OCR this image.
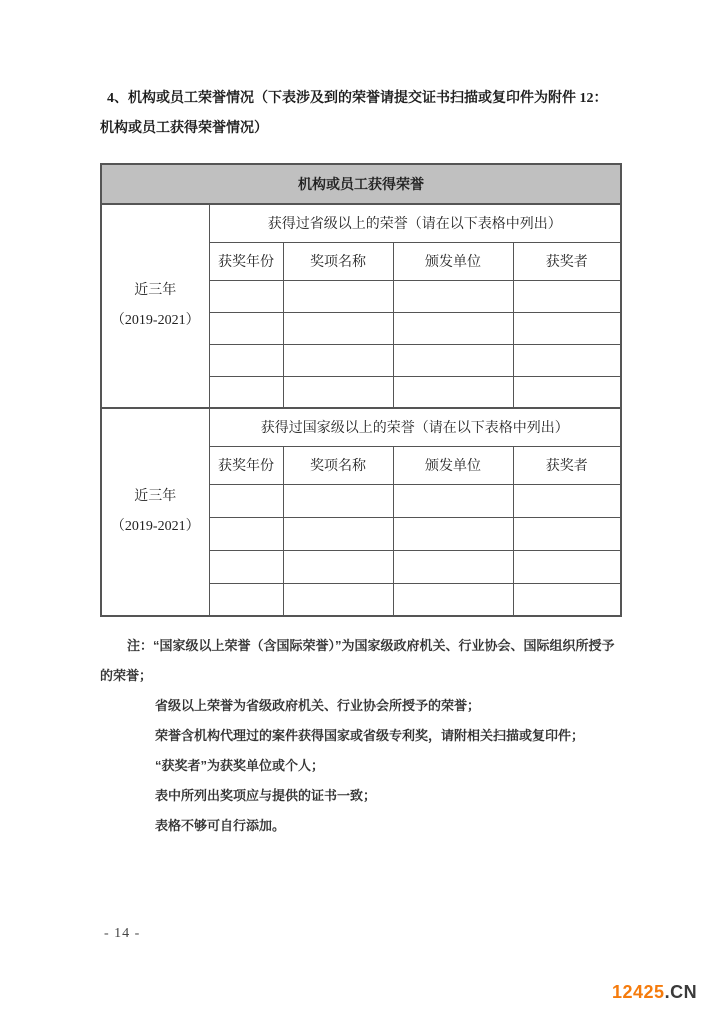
4、机构或员工荣誉情况（下表涉及到的荣誉请提交证书扫描或复印件为附件 12：
机构或员工获得荣誉情况）
机构或员工获得荣誉				

近三年
（2019-2021）	获得过省级以上的荣誉（请在以下表格中列出）			
	获奖年份	奖项名称	颁发单位	获奖者

近三年
（2019-2021）	获得过国家级以上的荣誉（请在以下表格中列出）			
	获奖年份	奖项名称	颁发单位	获奖者

注：“国家级以上荣誉（含国际荣誉）”为国家级政府机关、行业协会、国际组织所授予
的荣誉；
省级以上荣誉为省级政府机关、行业协会所授予的荣誉；
荣誉含机构代理过的案件获得国家或省级专利奖，请附相关扫描或复印件；
“获奖者”为获奖单位或个人；
表中所列出奖项应与提供的证书一致；
表格不够可自行添加。
- 14 -
12425.CN
